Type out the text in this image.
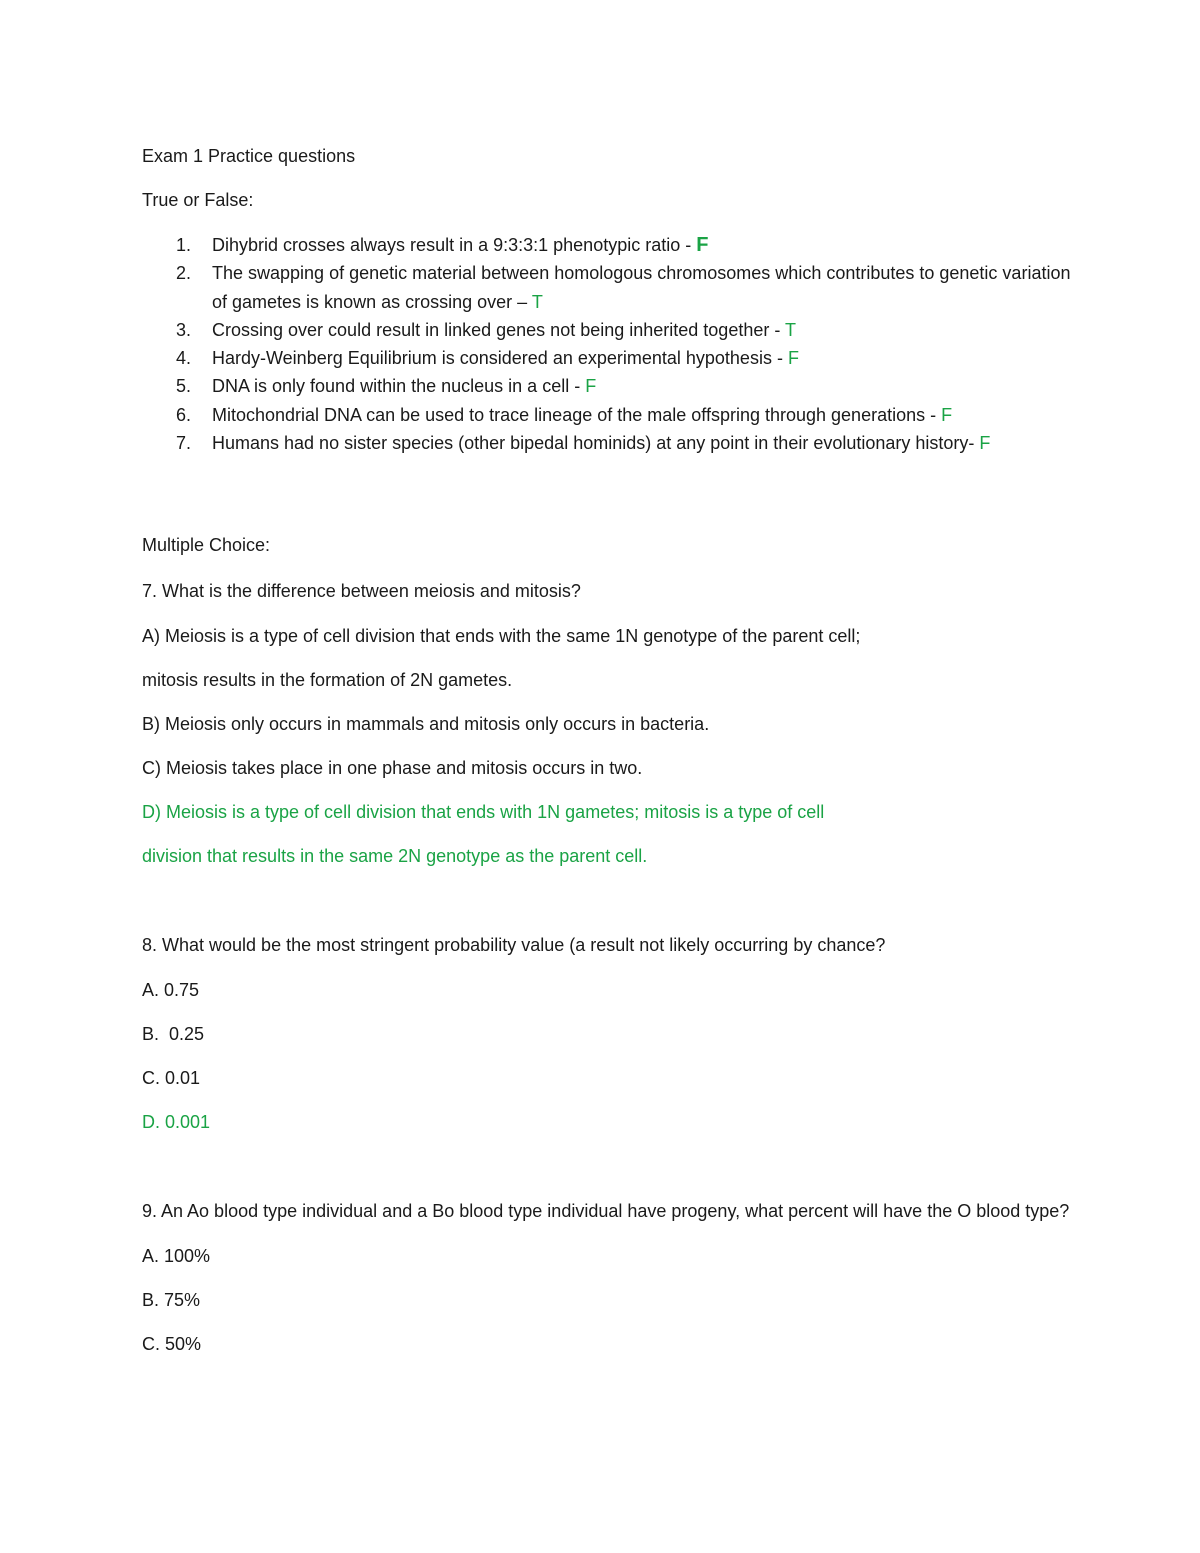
Exam 1 Practice questions

True or False:

1. Dihybrid crosses always result in a 9:3:3:1 phenotypic ratio - F
2. The swapping of genetic material between homologous chromosomes which contributes to genetic variation of gametes is known as crossing over – T
3. Crossing over could result in linked genes not being inherited together - T
4. Hardy-Weinberg Equilibrium is considered an experimental hypothesis - F
5. DNA is only found within the nucleus in a cell - F
6. Mitochondrial DNA can be used to trace lineage of the male offspring through generations - F
7. Humans had no sister species (other bipedal hominids) at any point in their evolutionary history- F

Multiple Choice:

7. What is the difference between meiosis and mitosis?

A) Meiosis is a type of cell division that ends with the same 1N genotype of the parent cell;

mitosis results in the formation of 2N gametes.

B) Meiosis only occurs in mammals and mitosis only occurs in bacteria.

C) Meiosis takes place in one phase and mitosis occurs in two.

D) Meiosis is a type of cell division that ends with 1N gametes; mitosis is a type of cell

division that results in the same 2N genotype as the parent cell.

8. What would be the most stringent probability value (a result not likely occurring by chance?

A. 0.75

B.  0.25

C. 0.01

D. 0.001

9. An Ao blood type individual and a Bo blood type individual have progeny, what percent will have the O blood type?

A. 100%

B. 75%

C. 50%
